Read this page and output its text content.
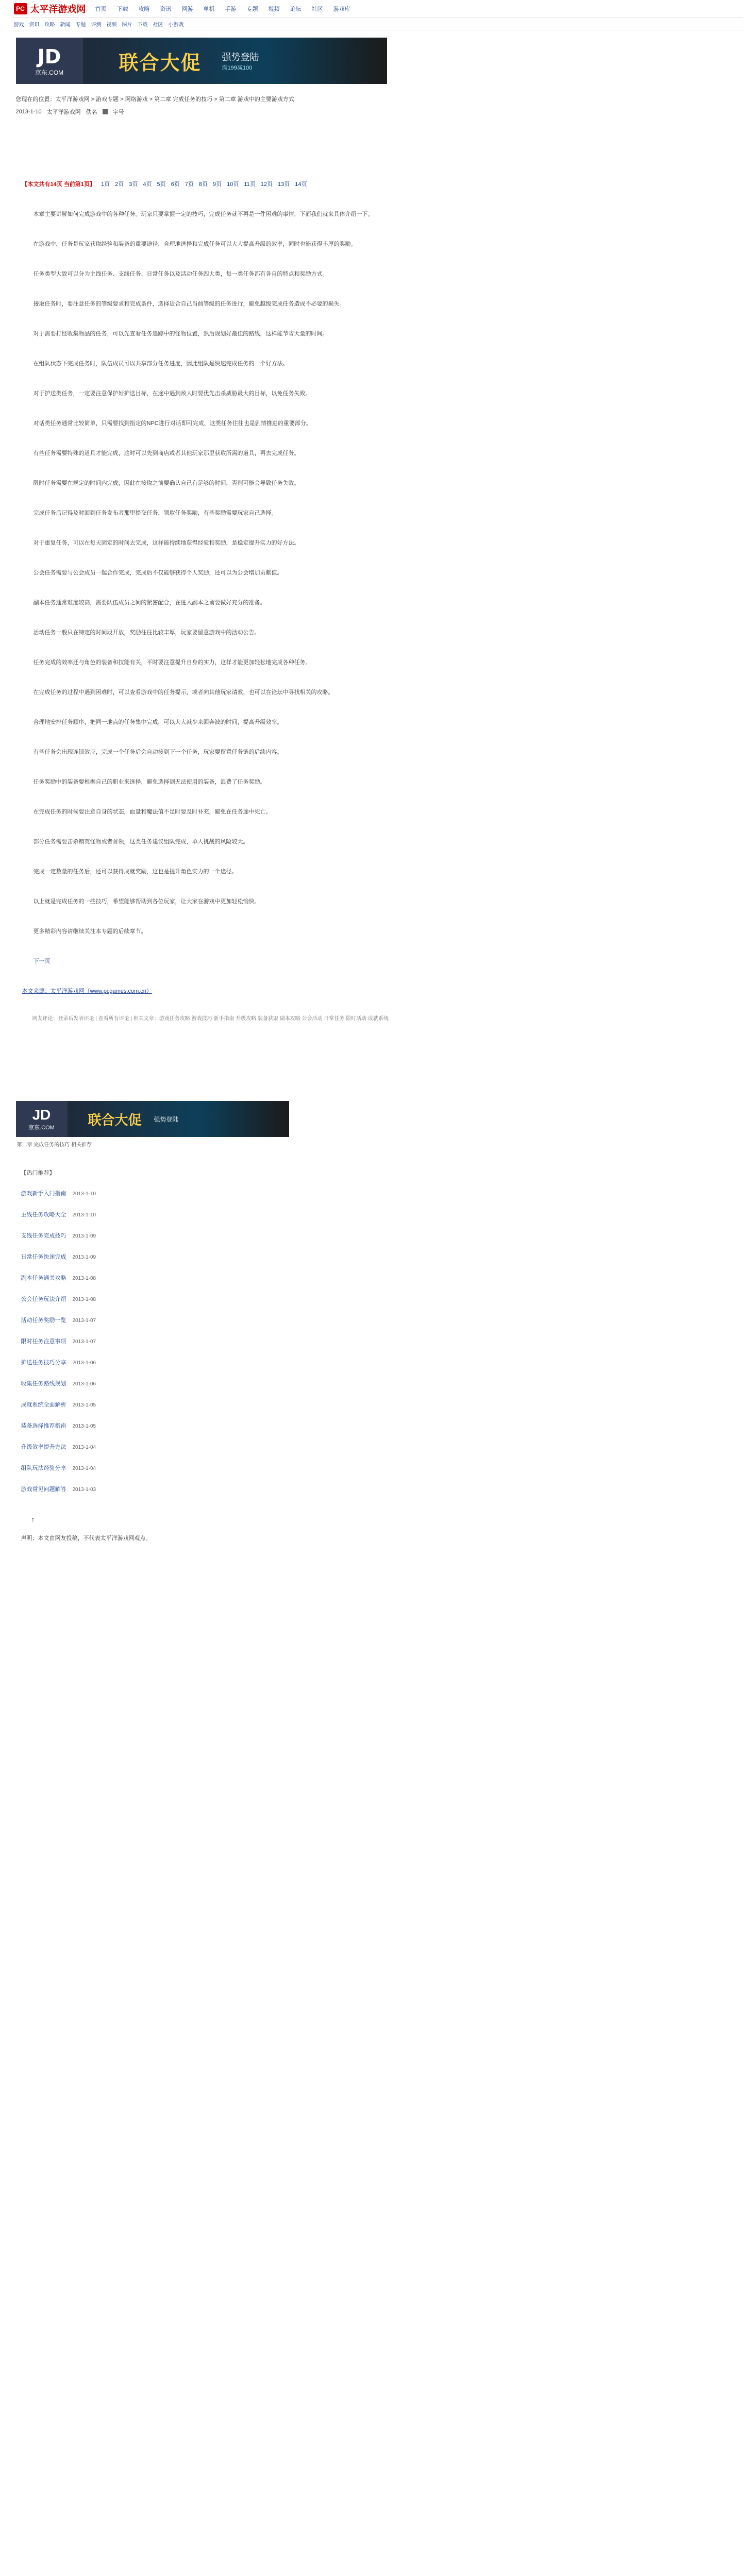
PC 太平洋游戏网 首页 下载 攻略 资讯 网游 单机 手游 专题 视频 论坛 社区 游戏库
游戏 资讯 攻略 新闻 专题 评测 视频 图片 下载 社区 小游戏
JD
京东.COM	联合大促 强势登陆
满199减100
您现在的位置：太平洋游戏网 > 游戏专题 > 网络游戏 > 第二章 完成任务的技巧 > 第二章 游戏中的主要游戏方式
2013-1-10 太平洋游戏网 佚名	字号

【本文共有14页 当前第1页】 1页 2页 3页 4页 5页 6页 7页 8页 9页 10页 11页 12页 13页 14页

本章主要讲解如何完成游戏中的各种任务。玩家只要掌握一定的技巧，完成任务就不再是一件困难的事情，下面我们就来具体介绍一下。

在游戏中，任务是玩家获取经验和装备的重要途径，合理地选择和完成任务可以大大提高升级的效率，同时也能获得丰厚的奖励。

任务类型大致可以分为主线任务、支线任务、日常任务以及活动任务四大类，每一类任务都有各自的特点和奖励方式。

接取任务时，要注意任务的等级要求和完成条件，选择适合自己当前等级的任务进行，避免越级完成任务造成不必要的损失。

对于需要打怪收集物品的任务，可以先查看任务追踪中的怪物位置，然后规划好最佳的路线，这样能节省大量的时间。

在组队状态下完成任务时，队伍成员可以共享部分任务进度，因此组队是快速完成任务的一个好方法。

对于护送类任务，一定要注意保护好护送目标，在途中遇到敌人时要优先击杀威胁最大的目标，以免任务失败。

对话类任务通常比较简单，只需要找到指定的NPC进行对话即可完成，这类任务往往也是剧情推进的重要部分。

有些任务需要特殊的道具才能完成，这时可以先到商店或者其他玩家那里获取所需的道具，再去完成任务。

限时任务需要在规定的时间内完成，因此在接取之前要确认自己有足够的时间，否则可能会导致任务失败。

完成任务后记得及时回到任务发布者那里提交任务，领取任务奖励，有些奖励需要玩家自己选择。

对于重复任务，可以在每天固定的时间去完成，这样能持续地获得经验和奖励，是稳定提升实力的好方法。

公会任务需要与公会成员一起合作完成，完成后不仅能够获得个人奖励，还可以为公会增加贡献值。

副本任务通常难度较高，需要队伍成员之间的紧密配合，在进入副本之前要做好充分的准备。

活动任务一般只在特定的时间段开放，奖励往往比较丰厚，玩家要留意游戏中的活动公告。

任务完成的效率还与角色的装备和技能有关，平时要注意提升自身的实力，这样才能更加轻松地完成各种任务。

在完成任务的过程中遇到困难时，可以查看游戏中的任务提示，或者向其他玩家请教，也可以在论坛中寻找相关的攻略。

合理地安排任务顺序，把同一地点的任务集中完成，可以大大减少来回奔波的时间，提高升级效率。

有些任务会出现连锁效应，完成一个任务后会自动接到下一个任务，玩家要留意任务链的后续内容。

任务奖励中的装备要根据自己的职业来选择，避免选择到无法使用的装备，浪费了任务奖励。

在完成任务的时候要注意自身的状态，血量和魔法值不足时要及时补充，避免在任务途中死亡。

部分任务需要击杀精英怪物或者首领，这类任务建议组队完成，单人挑战的风险较大。

完成一定数量的任务后，还可以获得成就奖励，这也是提升角色实力的一个途径。

以上就是完成任务的一些技巧，希望能够帮助到各位玩家，让大家在游戏中更加轻松愉快。

更多精彩内容请继续关注本专题的后续章节。

下一页

本文来源：太平洋游戏网（www.pcgames.com.cn）

网友评论：登录后发表评论 | 查看所有评论 | 相关文章：游戏任务攻略 游戏技巧 新手指南 升级攻略 装备获取 副本攻略 公会活动 日常任务 限时活动 成就系统

JD
京东.COM
联合大促 强势登陆
第二章 完成任务的技巧 相关推荐
【热门推荐】
游戏新手入门指南 2013-1-10
主线任务攻略大全 2013-1-10
支线任务完成技巧 2013-1-09
日常任务快速完成 2013-1-09
副本任务通关攻略 2013-1-08
公会任务玩法介绍 2013-1-08
活动任务奖励一览 2013-1-07
限时任务注意事项 2013-1-07
护送任务技巧分享 2013-1-06
收集任务路线规划 2013-1-06
成就系统全面解析 2013-1-05
装备选择推荐指南 2013-1-05
升级效率提升方法 2013-1-04
组队玩法经验分享 2013-1-04
游戏常见问题解答 2013-1-03
↑
声明：本文由网友投稿，不代表太平洋游戏网观点。
